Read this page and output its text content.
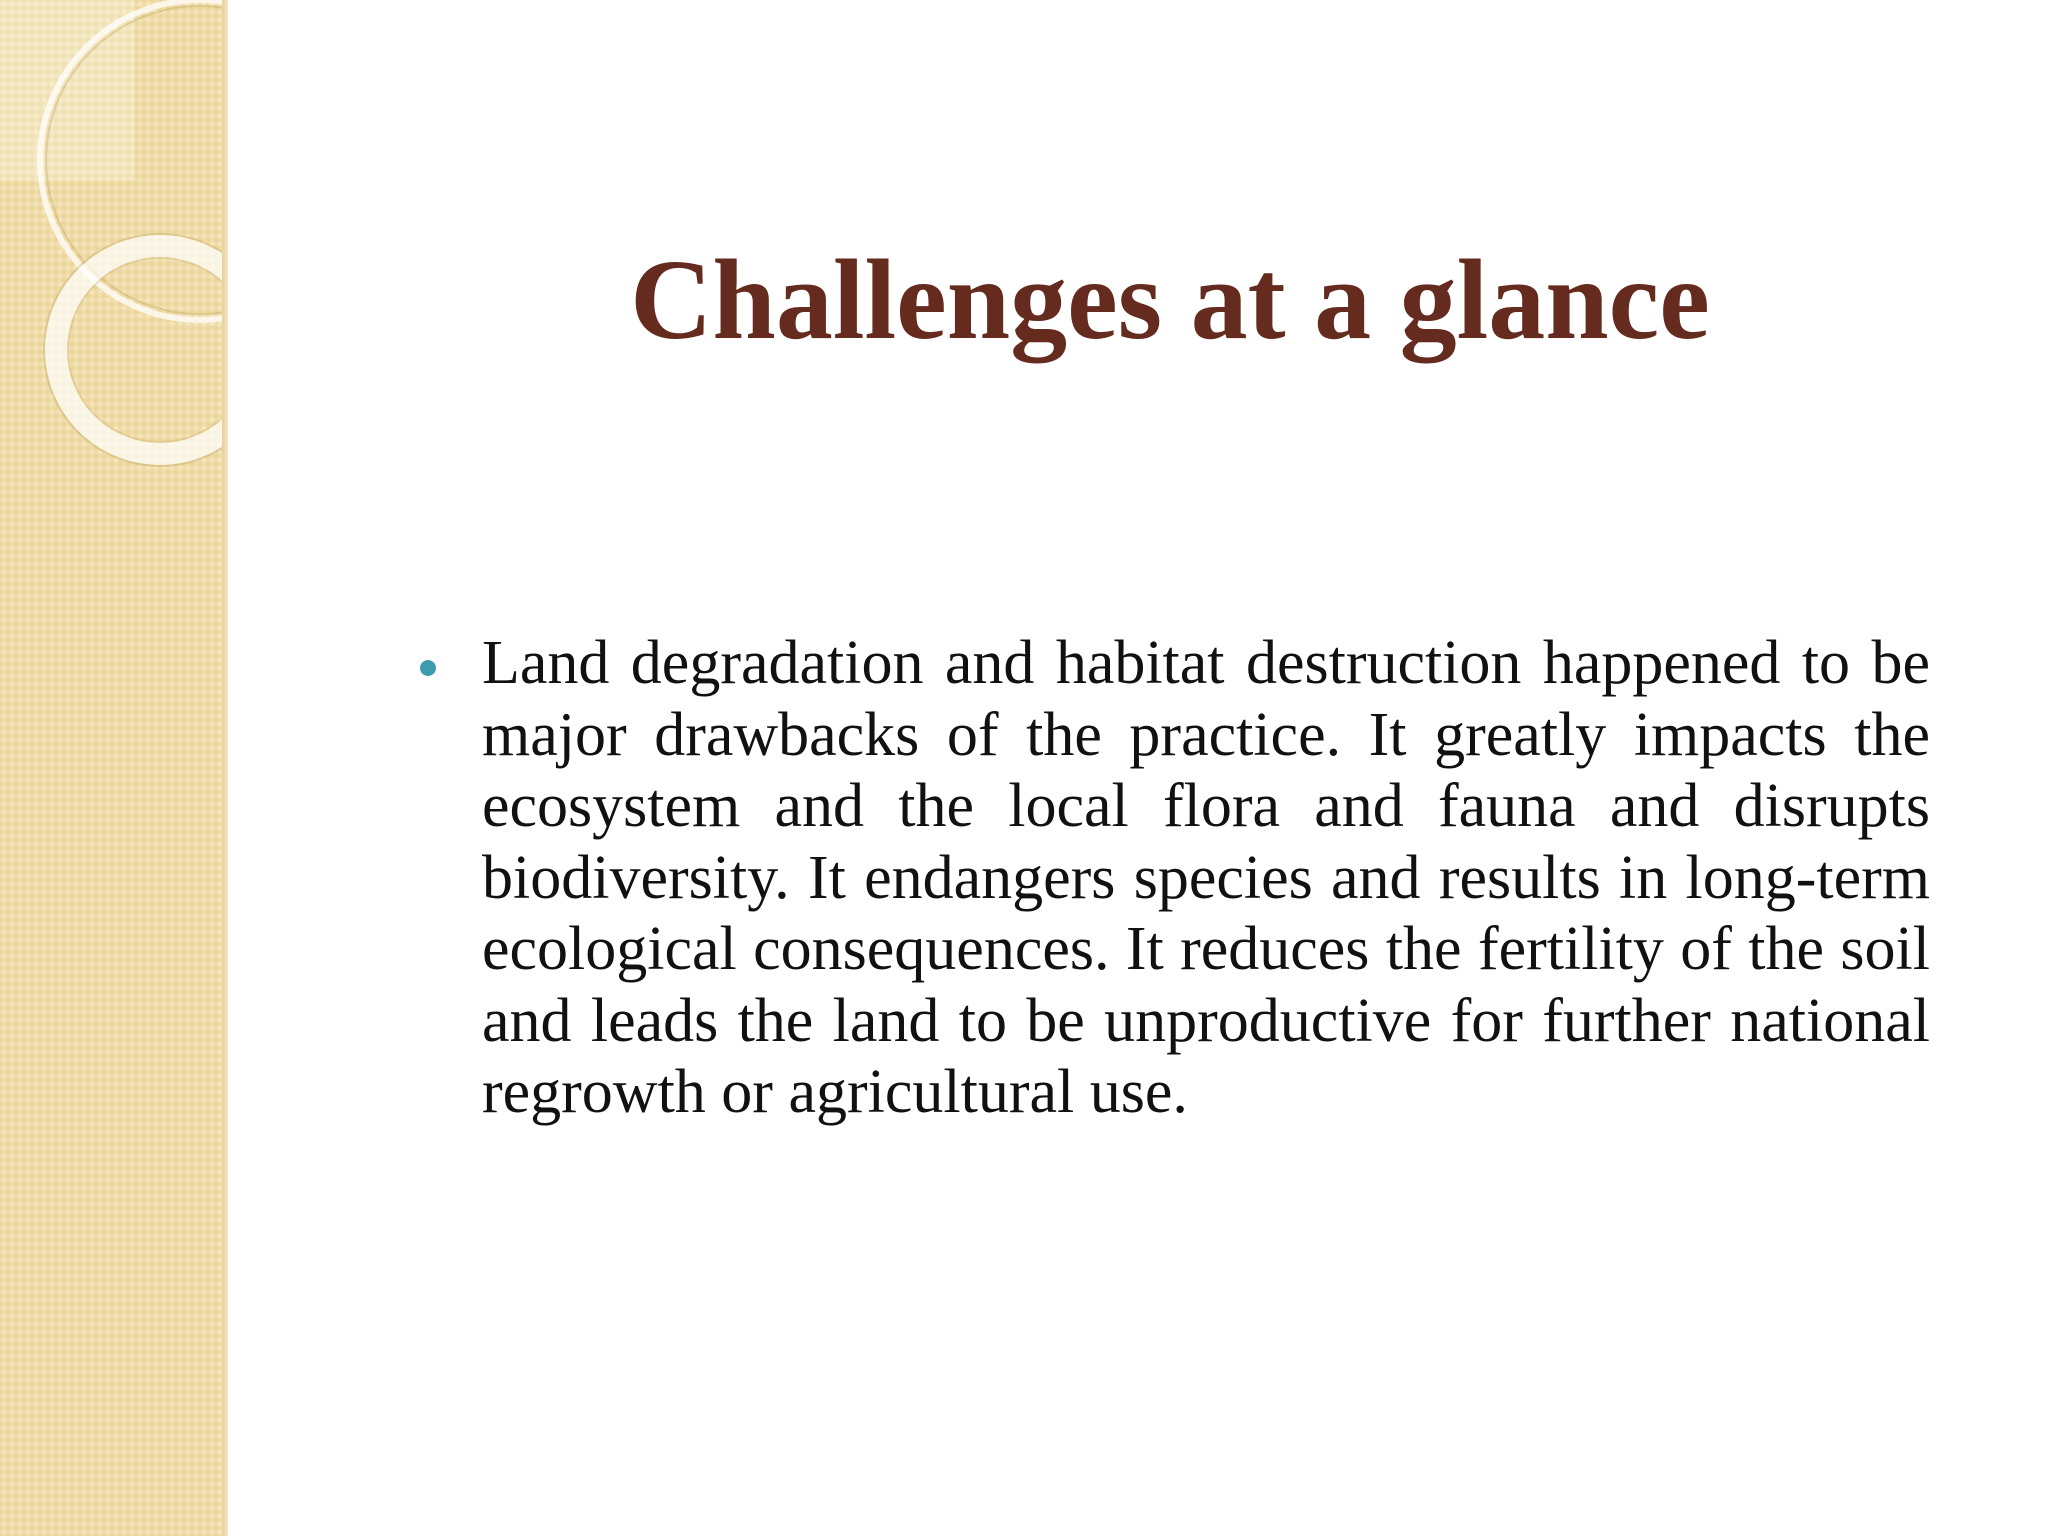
Challenges at a glance
Land degradation and habitat destruction happened to be major drawbacks of the practice. It greatly impacts the ecosystem and the local flora and fauna and disrupts biodiversity. It endangers species and results in long-term ecological consequences. It reduces the fertility of the soil and leads the land to be unproductive for further national regrowth or agricultural use.
